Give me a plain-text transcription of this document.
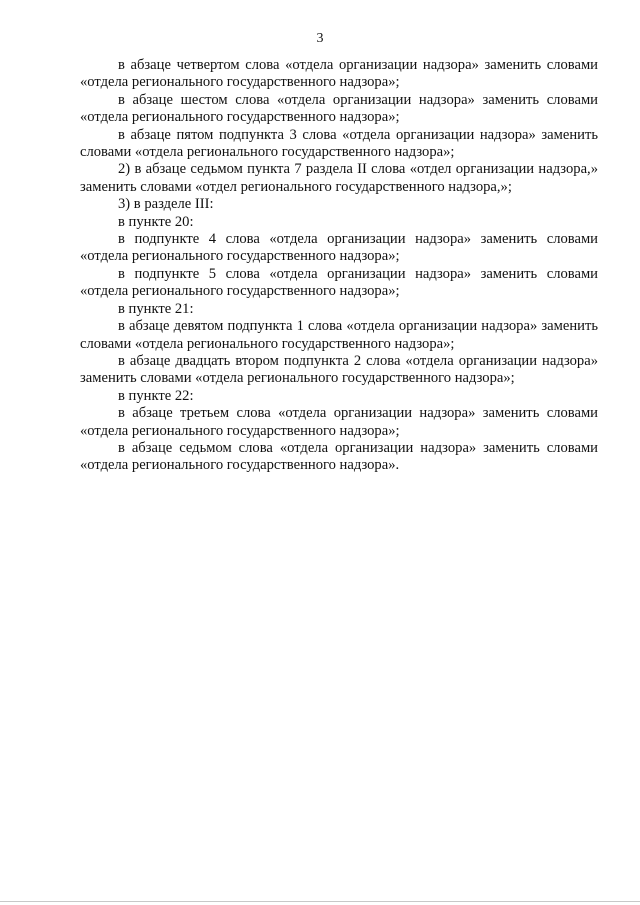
3

в абзаце четвертом слова «отдела организации надзора» заменить словами «отдела регионального государственного надзора»;

в абзаце шестом слова «отдела организации надзора» заменить словами «отдела регионального государственного надзора»;

в абзаце пятом подпункта 3 слова «отдела организации надзора» заменить словами «отдела регионального государственного надзора»;

2) в абзаце седьмом пункта 7 раздела II слова «отдел организации надзора,» заменить словами «отдел регионального государственного надзора,»;

3) в разделе III:

в пункте 20:

в подпункте 4 слова «отдела организации надзора» заменить словами «отдела регионального государственного надзора»;

в подпункте 5 слова «отдела организации надзора» заменить словами «отдела регионального государственного надзора»;

в пункте 21:

в абзаце девятом подпункта 1 слова «отдела организации надзора» заменить словами «отдела регионального государственного надзора»;

в абзаце двадцать втором подпункта 2 слова «отдела организации надзора» заменить словами «отдела регионального государственного надзора»;

в пункте 22:

в абзаце третьем слова «отдела организации надзора» заменить словами «отдела регионального государственного надзора»;

в абзаце седьмом слова «отдела организации надзора» заменить словами «отдела регионального государственного надзора».
